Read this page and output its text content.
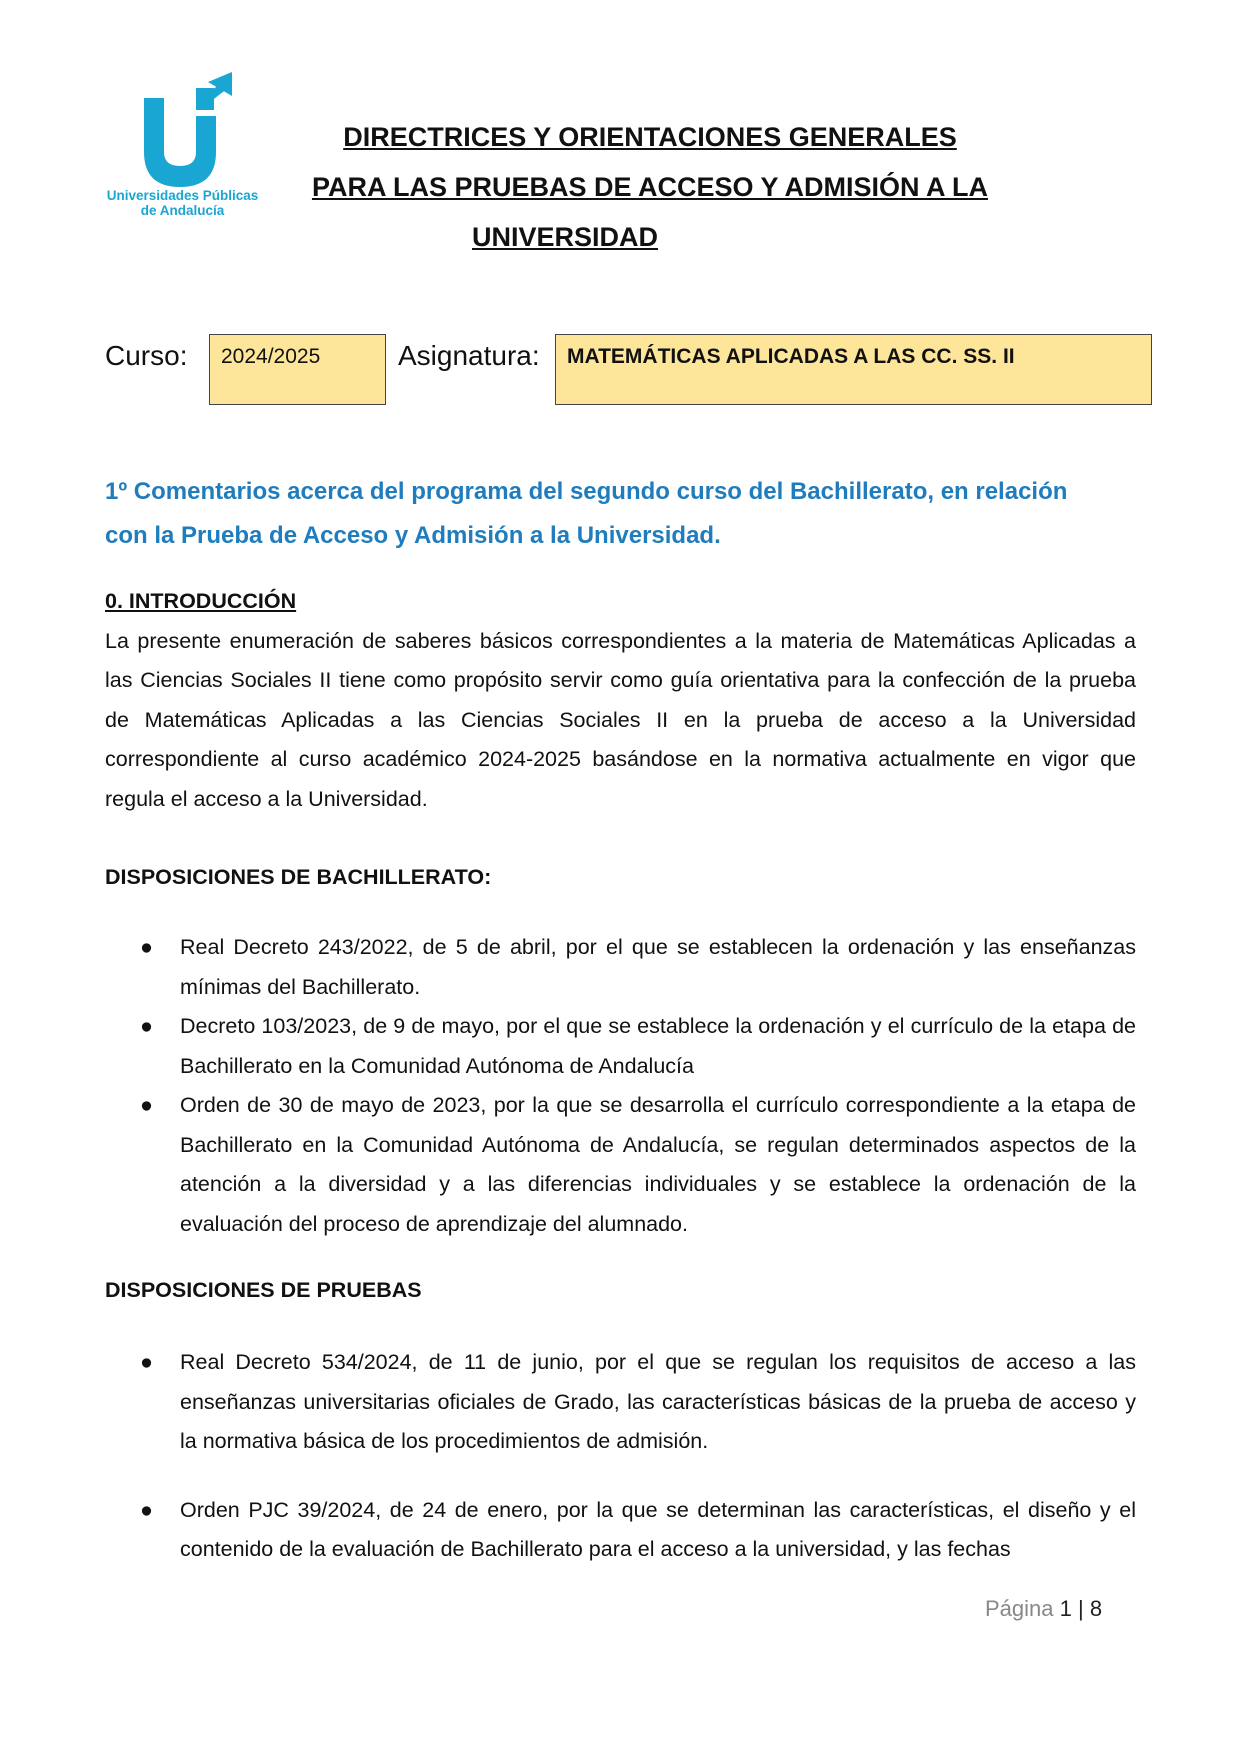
Universidades Públicas
de Andalucía
DIRECTRICES Y ORIENTACIONES GENERALES
PARA LAS PRUEBAS DE ACCESO Y ADMISIÓN A LA
UNIVERSIDAD
Curso: 2024/2025	Asignatura: MATEMÁTICAS APLICADAS A LAS CC. SS. II
1º Comentarios acerca del programa del segundo curso del Bachillerato, en relación
con la Prueba de Acceso y Admisión a la Universidad.
0. INTRODUCCIÓN
La presente enumeración de saberes básicos correspondientes a la materia de Matemáticas Aplicadas a las Ciencias Sociales II tiene como propósito servir como guía orientativa para la confección de la prueba de Matemáticas Aplicadas a las Ciencias Sociales II en la prueba de acceso a la Universidad correspondiente al curso académico 2024-2025 basándose en la normativa actualmente en vigor que regula el acceso a la Universidad.
DISPOSICIONES DE BACHILLERATO:
● Real Decreto 243/2022, de 5 de abril, por el que se establecen la ordenación y las enseñanzas mínimas del Bachillerato.
● Decreto 103/2023, de 9 de mayo, por el que se establece la ordenación y el currículo de la etapa de Bachillerato en la Comunidad Autónoma de Andalucía
● Orden de 30 de mayo de 2023, por la que se desarrolla el currículo correspondiente a la etapa de Bachillerato en la Comunidad Autónoma de Andalucía, se regulan determinados aspectos de la atención a la diversidad y a las diferencias individuales y se establece la ordenación de la evaluación del proceso de aprendizaje del alumnado.
DISPOSICIONES DE PRUEBAS
● Real Decreto 534/2024, de 11 de junio, por el que se regulan los requisitos de acceso a las enseñanzas universitarias oficiales de Grado, las características básicas de la prueba de acceso y la normativa básica de los procedimientos de admisión.
● Orden PJC 39/2024, de 24 de enero, por la que se determinan las características, el diseño y el contenido de la evaluación de Bachillerato para el acceso a la universidad, y las fechas
Página 1 | 8
